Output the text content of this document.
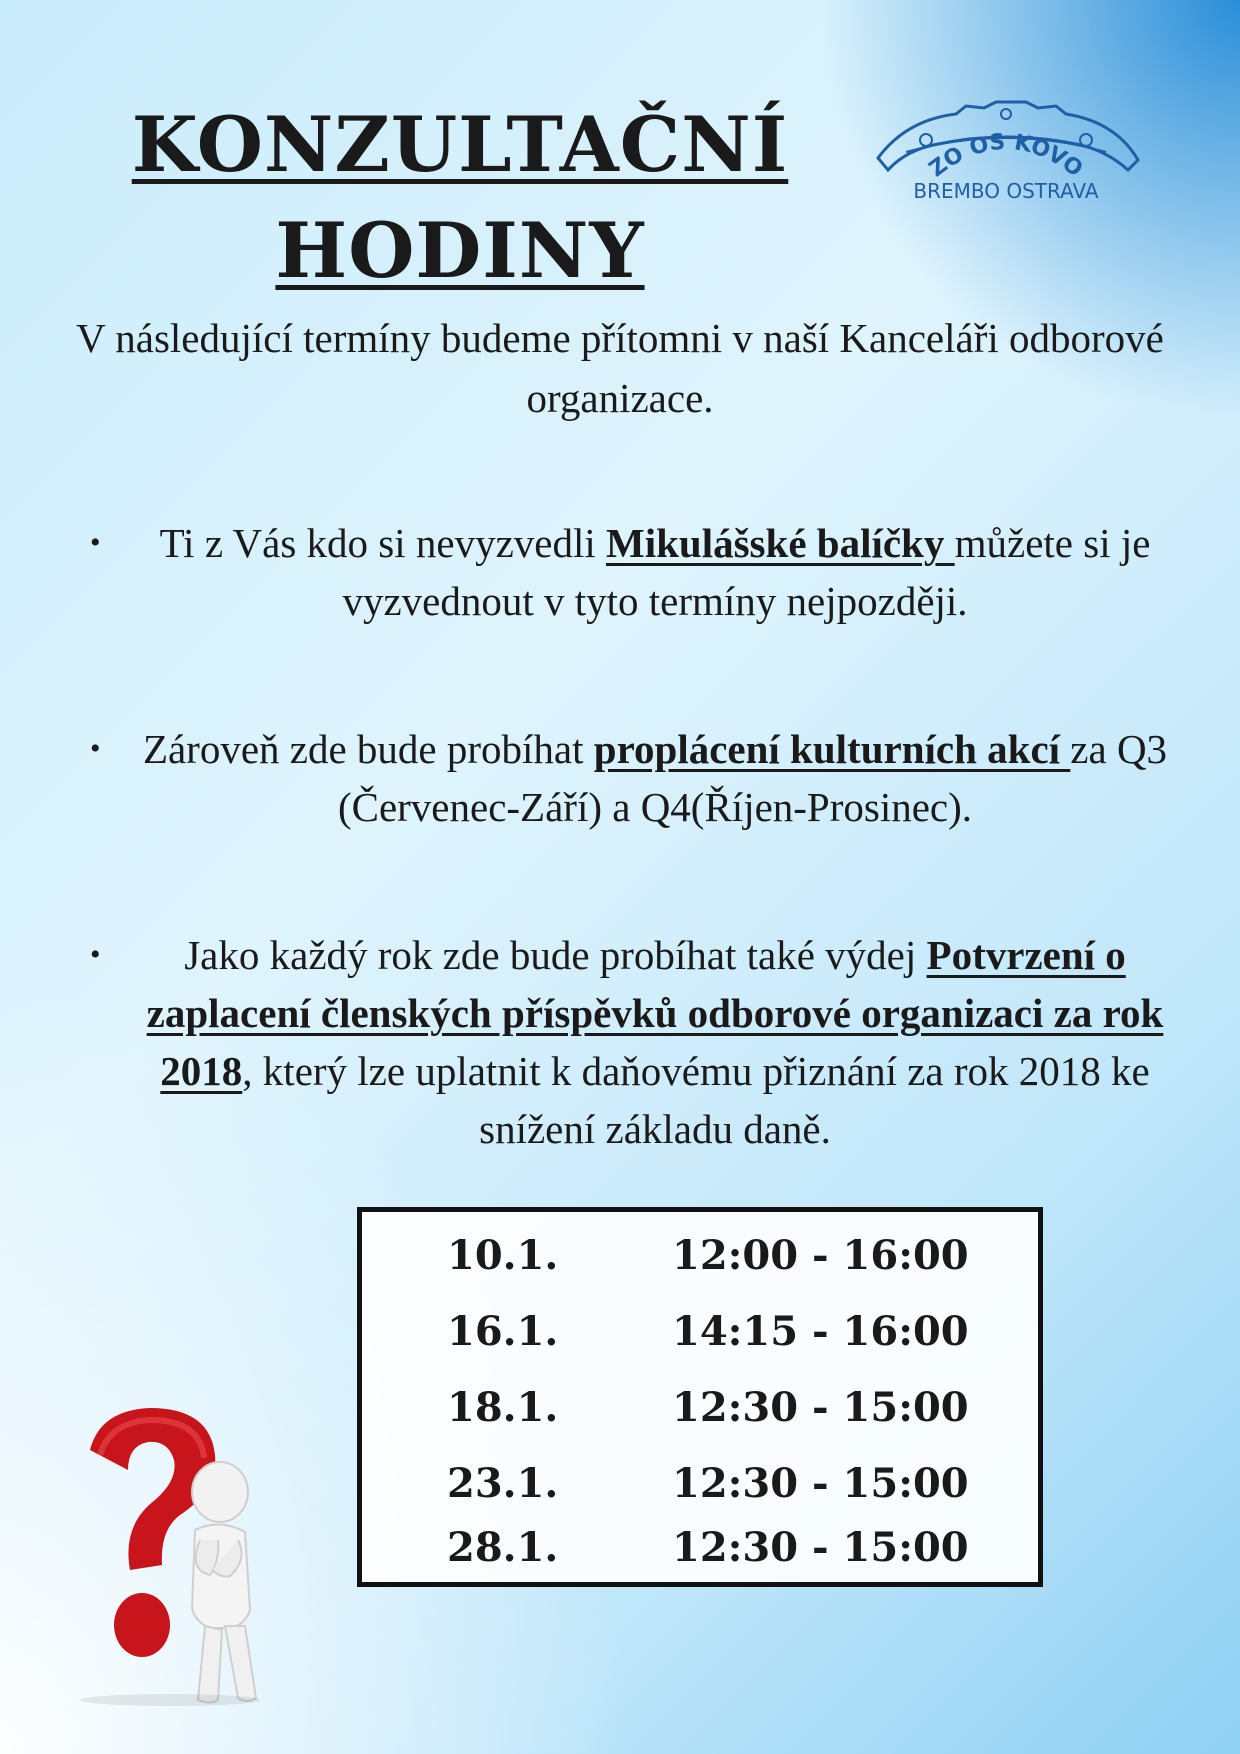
KONZULTAČNÍ
HODINY
ZO OS KOVO
BREMBO OSTRAVA
V následující termíny budeme přítomni v naší Kanceláři odborové organizace.
• Ti z Vás kdo si nevyzvedli Mikulášské balíčky můžete si je vyzvednout v tyto termíny nejpozději.
• Zároveň zde bude probíhat proplácení kulturních akcí za Q3 (Červenec-Září) a Q4(Říjen-Prosinec).
• Jako každý rok zde bude probíhat také výdej Potvrzení o zaplacení členských příspěvků odborové organizaci za rok 2018, který lze uplatnit k daňovému přiznání za rok 2018 ke snížení základu daně.
10.1.	12:00 - 16:00
16.1.	14:15 - 16:00
18.1.	12:30 - 15:00
23.1.	12:30 - 15:00
28.1.	12:30 - 15:00
